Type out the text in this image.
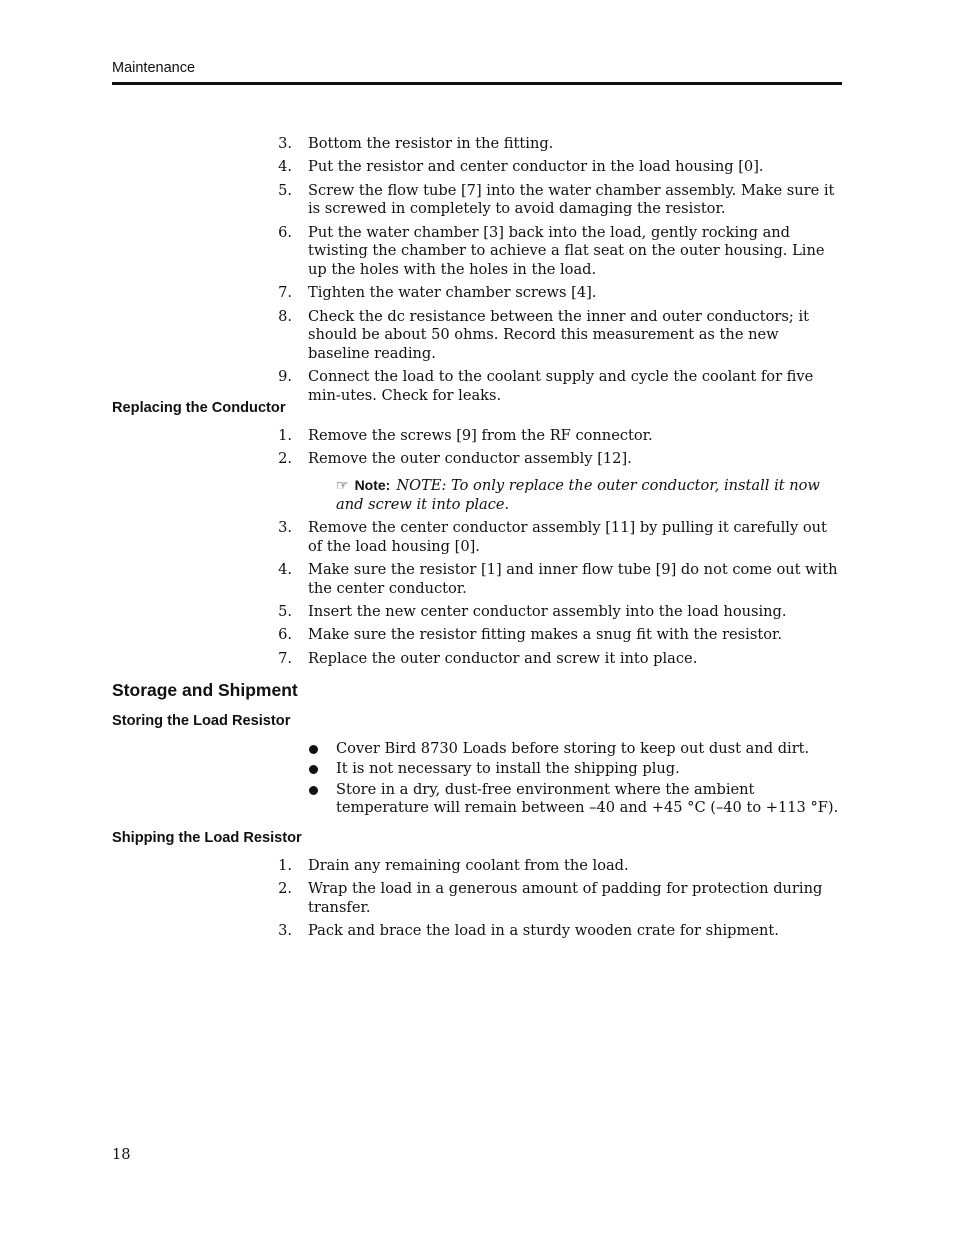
Maintenance
3. Bottom the resistor in the fitting.
4. Put the resistor and center conductor in the load housing [0].
5. Screw the flow tube [7] into the water chamber assembly. Make sure it is screwed in completely to avoid damaging the resistor.
6. Put the water chamber [3] back into the load, gently rocking and twisting the chamber to achieve a flat seat on the outer housing. Line up the holes with the holes in the load.
7. Tighten the water chamber screws [4].
8. Check the dc resistance between the inner and outer conductors; it should be about 50 ohms. Record this measurement as the new baseline reading.
9. Connect the load to the coolant supply and cycle the coolant for five min-utes. Check for leaks.
Replacing the Conductor
1. Remove the screws [9] from the RF connector.
2. Remove the outer conductor assembly [12].
☞ Note: NOTE: To only replace the outer conductor, install it now and screw it into place.
3. Remove the center conductor assembly [11] by pulling it carefully out of the load housing [0].
4. Make sure the resistor [1] and inner flow tube [9] do not come out with the center conductor.
5. Insert the new center conductor assembly into the load housing.
6. Make sure the resistor fitting makes a snug fit with the resistor.
7. Replace the outer conductor and screw it into place.
Storage and Shipment
Storing the Load Resistor
Cover Bird 8730 Loads before storing to keep out dust and dirt.
It is not necessary to install the shipping plug.
Store in a dry, dust-free environment where the ambient temperature will remain between –40 and +45 °C (–40 to +113 °F).
Shipping the Load Resistor
1. Drain any remaining coolant from the load.
2. Wrap the load in a generous amount of padding for protection during transfer.
3. Pack and brace the load in a sturdy wooden crate for shipment.
18
